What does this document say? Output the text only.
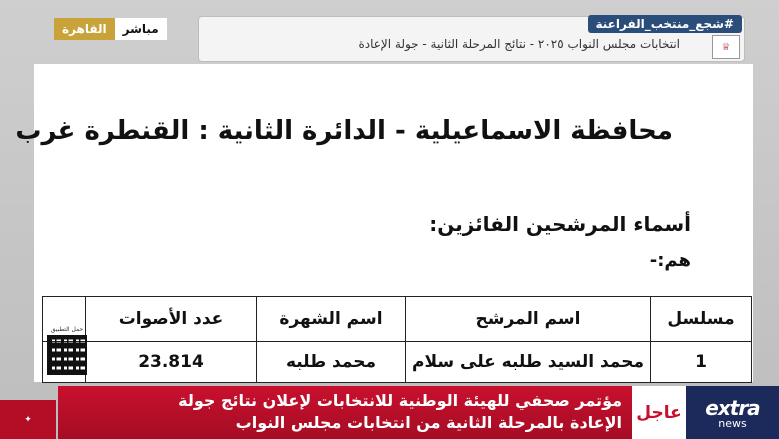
مباشر
القاهرة	#شجع_منتخب_الفراعنة
انتخابات مجلس النواب ٢٠٢٥ - نتائج المرحلة الثانية - جولة الإعادة	♕
محافظة الاسماعيلية - الدائرة الثانية : القنطرة غرب
أسماء المرشحين الفائزين:
هم:-
مسلسل	اسم المرشح	اسم الشهرة	عدد الأصوات	
1	محمد السيد طلبه على سلام	محمد طلبه	23.814	
حمل التطبيق
✦
مؤتمر صحفي للهيئة الوطنية للانتخابات لإعلان نتائج جولة
الإعادة بالمرحلة الثانية من انتخابات مجلس النواب عاجل extra
news
